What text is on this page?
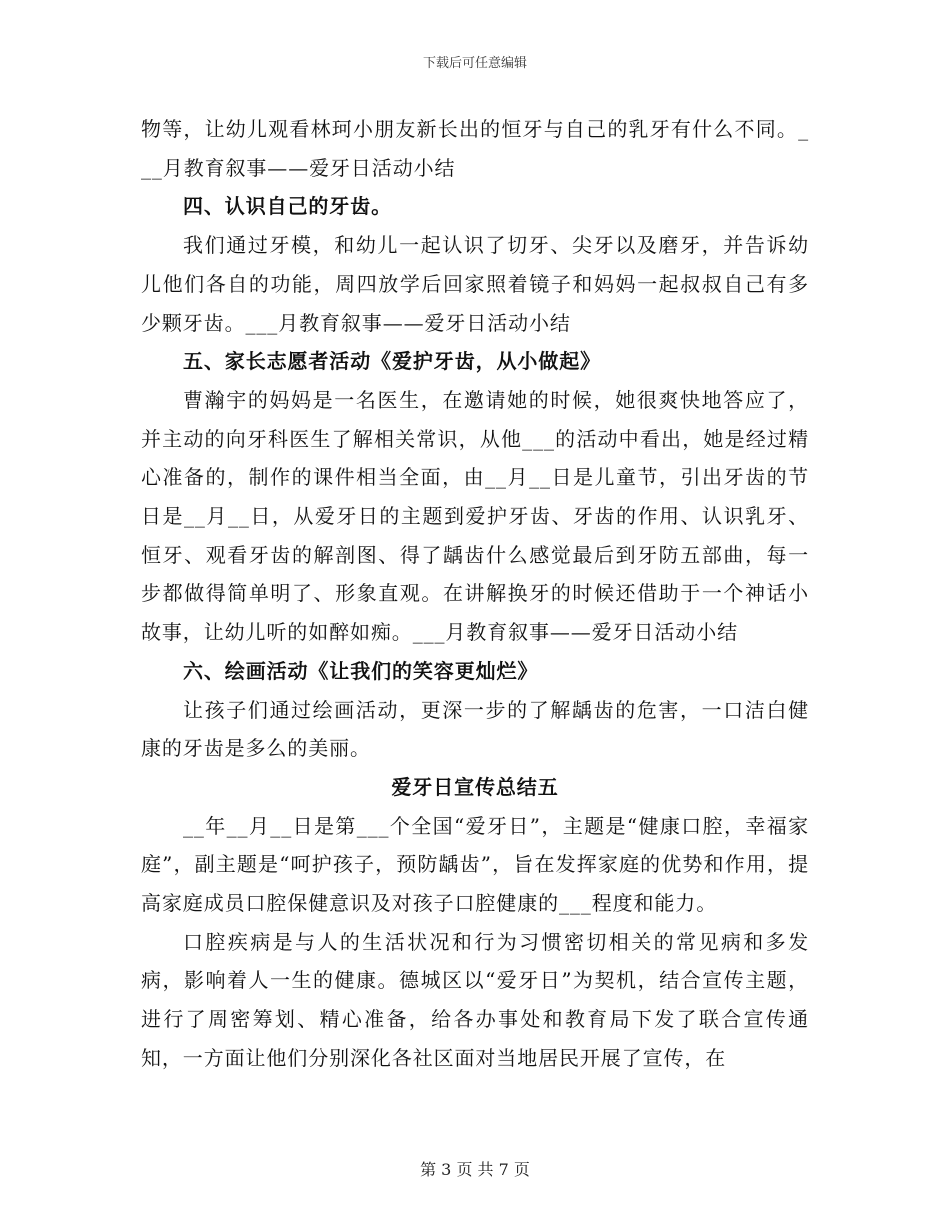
下载后可任意编辑

物等，让幼儿观看林珂小朋友新长出的恒牙与自己的乳牙有什么不同。___月教育叙事——爱牙日活动小结

四、认识自己的牙齿。

我们通过牙模，和幼儿一起认识了切牙、尖牙以及磨牙，并告诉幼儿他们各自的功能，周四放学后回家照着镜子和妈妈一起叔叔自己有多少颗牙齿。___月教育叙事——爱牙日活动小结

五、家长志愿者活动《爱护牙齿，从小做起》

曹瀚宇的妈妈是一名医生，在邀请她的时候，她很爽快地答应了，并主动的向牙科医生了解相关常识，从他___的活动中看出，她是经过精心准备的，制作的课件相当全面，由__月__日是儿童节，引出牙齿的节日是__月__日，从爱牙日的主题到爱护牙齿、牙齿的作用、认识乳牙、恒牙、观看牙齿的解剖图、得了龋齿什么感觉最后到牙防五部曲，每一步都做得简单明了、形象直观。在讲解换牙的时候还借助于一个神话小故事，让幼儿听的如醉如痴。___月教育叙事——爱牙日活动小结

六、绘画活动《让我们的笑容更灿烂》

让孩子们通过绘画活动，更深一步的了解龋齿的危害，一口洁白健康的牙齿是多么的美丽。

爱牙日宣传总结五

__年__月__日是第___个全国“爱牙日”，主题是“健康口腔，幸福家庭”，副主题是“呵护孩子，预防龋齿”，旨在发挥家庭的优势和作用，提高家庭成员口腔保健意识及对孩子口腔健康的___程度和能力。

口腔疾病是与人的生活状况和行为习惯密切相关的常见病和多发病，影响着人一生的健康。德城区以“爱牙日”为契机，结合宣传主题，进行了周密筹划、精心准备，给各办事处和教育局下发了联合宣传通知，一方面让他们分别深化各社区面对当地居民开展了宣传，在

第 3 页 共 7 页
